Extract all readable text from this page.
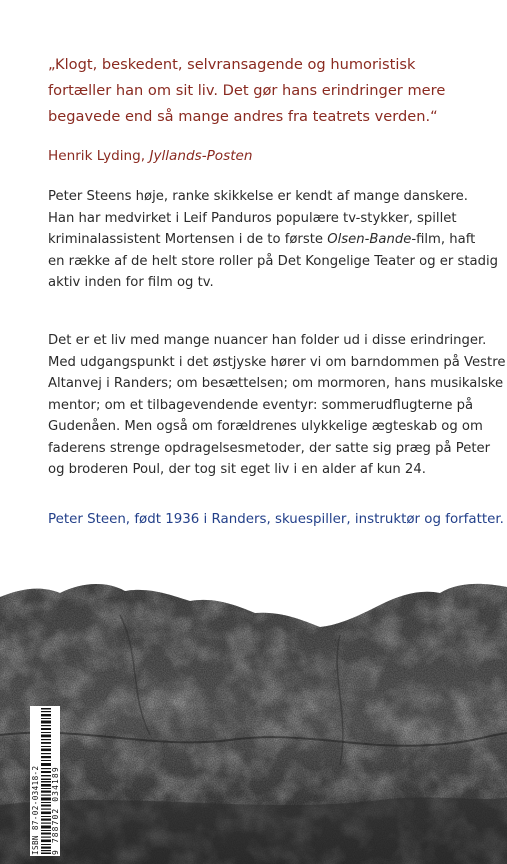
„Klogt, beskedent, selvransagende og humoristisk
fortæller han om sit liv. Det gør hans erindringer mere
begavede end så mange andres fra teatrets verden.“
Henrik Lyding, Jyllands-Posten
Peter Steens høje, ranke skikkelse er kendt af mange danskere.
Han har medvirket i Leif Panduros populære tv-stykker, spillet
kriminalassistent Mortensen i de to første Olsen-Bande-film, haft
en række af de helt store roller på Det Kongelige Teater og er stadig
aktiv inden for film og tv.
Det er et liv med mange nuancer han folder ud i disse erindringer.
Med udgangspunkt i det østjyske hører vi om barndommen på Vestre
Altanvej i Randers; om besættelsen; om mormoren, hans musikalske
mentor; om et tilbagevendende eventyr: sommerudflugterne på
Gudenåen. Men også om forældrenes ulykkelige ægteskab og om
faderens strenge opdragelsesmetoder, der satte sig præg på Peter
og broderen Poul, der tog sit eget liv i en alder af kun 24.
Peter Steen, født 1936 i Randers, skuespiller, instruktør og forfatter.
ISBN 87-02-03418-2 9 788702 034189
